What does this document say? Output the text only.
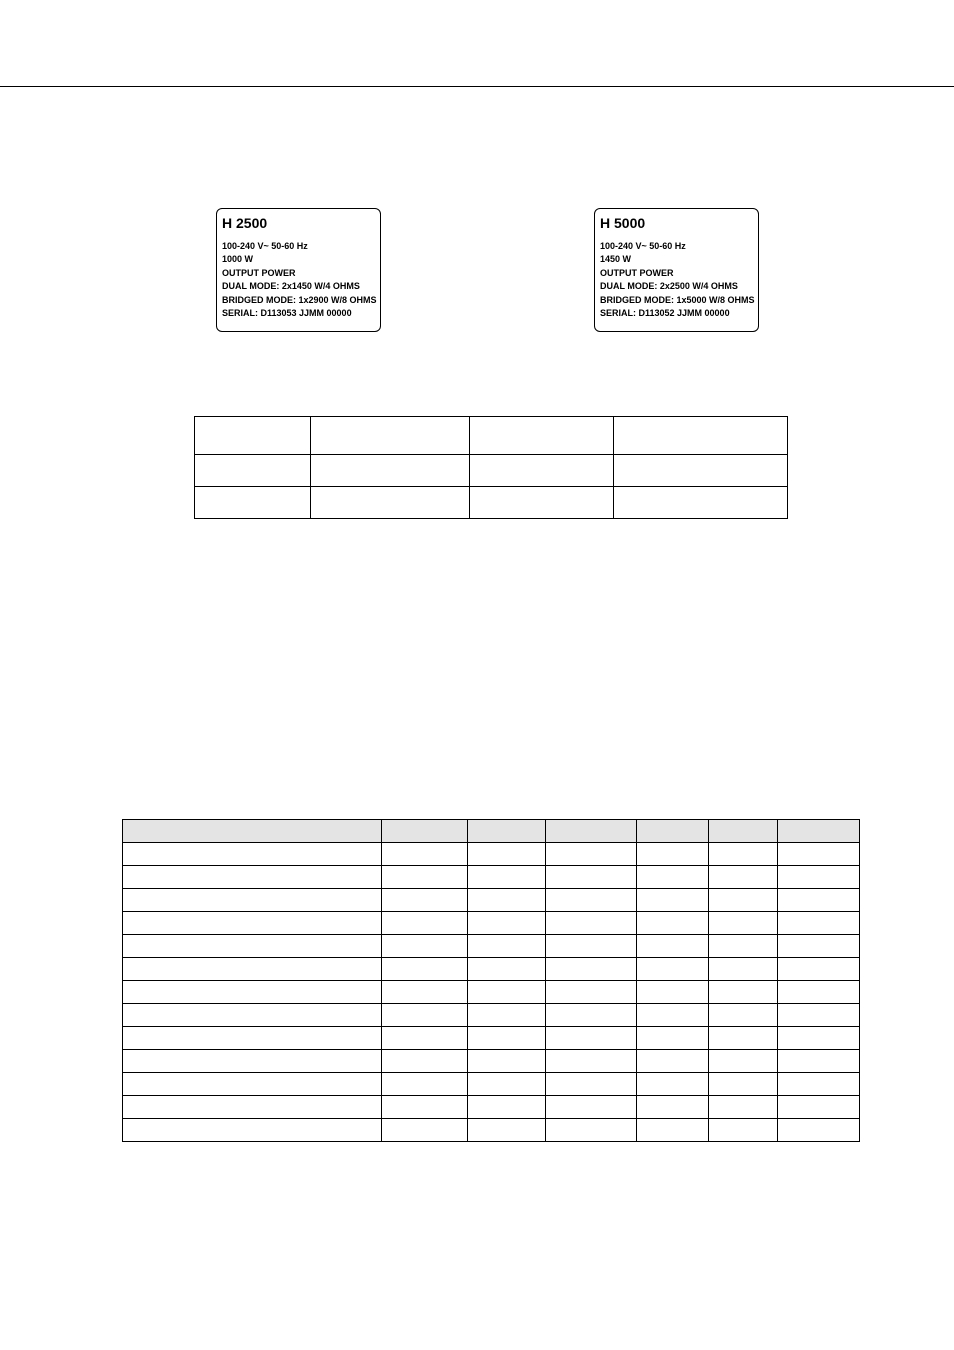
H 2500
100-240 V~ 50-60 Hz
1000 W
OUTPUT POWER
DUAL MODE: 2x1450 W/4 OHMS
BRIDGED MODE: 1x2900 W/8 OHMS
SERIAL: D113053 JJMM 00000
H 5000
100-240 V~ 50-60 Hz
1450 W
OUTPUT POWER
DUAL MODE: 2x2500 W/4 OHMS
BRIDGED MODE: 1x5000 W/8 OHMS
SERIAL: D113052 JJMM 00000
